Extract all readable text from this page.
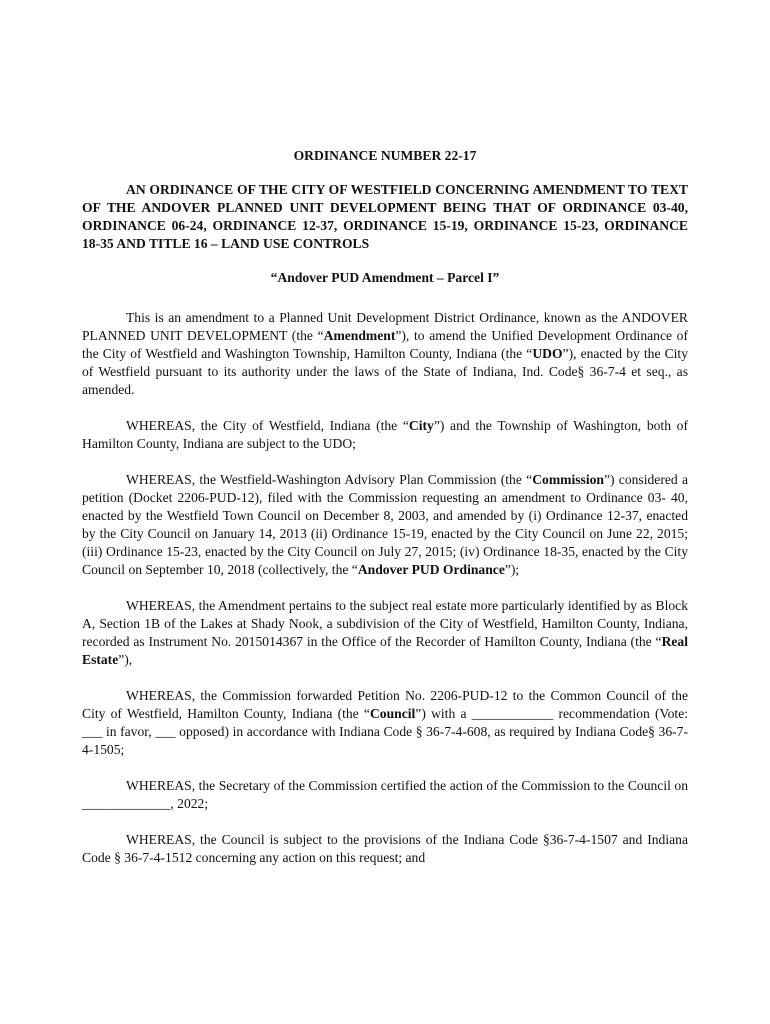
ORDINANCE NUMBER 22-17

AN ORDINANCE OF THE CITY OF WESTFIELD CONCERNING AMENDMENT TO TEXT OF THE ANDOVER PLANNED UNIT DEVELOPMENT BEING THAT OF ORDINANCE 03-40, ORDINANCE 06-24, ORDINANCE 12-37, ORDINANCE 15-19, ORDINANCE 15-23, ORDINANCE 18-35 AND TITLE 16 – LAND USE CONTROLS

“Andover PUD Amendment – Parcel I”

This is an amendment to a Planned Unit Development District Ordinance, known as the ANDOVER PLANNED UNIT DEVELOPMENT (the “Amendment”), to amend the Unified Development Ordinance of the City of Westfield and Washington Township, Hamilton County, Indiana (the “UDO”), enacted by the City of Westfield pursuant to its authority under the laws of the State of Indiana, Ind. Code§ 36-7-4 et seq., as amended.

WHEREAS, the City of Westfield, Indiana (the “City”) and the Township of Washington, both of Hamilton County, Indiana are subject to the UDO;

WHEREAS, the Westfield-Washington Advisory Plan Commission (the “Commission”) considered a petition (Docket 2206-PUD-12), filed with the Commission requesting an amendment to Ordinance 03- 40, enacted by the Westfield Town Council on December 8, 2003, and amended by (i) Ordinance 12-37, enacted by the City Council on January 14, 2013 (ii) Ordinance 15-19, enacted by the City Council on June 22, 2015; (iii) Ordinance 15-23, enacted by the City Council on July 27, 2015; (iv) Ordinance 18-35, enacted by the City Council on September 10, 2018 (collectively, the “Andover PUD Ordinance”);

WHEREAS, the Amendment pertains to the subject real estate more particularly identified by as Block A, Section 1B of the Lakes at Shady Nook, a subdivision of the City of Westfield, Hamilton County, Indiana, recorded as Instrument No. 2015014367 in the Office of the Recorder of Hamilton County, Indiana (the “Real Estate”),

WHEREAS, the Commission forwarded Petition No. 2206-PUD-12 to the Common Council of the City of Westfield, Hamilton County, Indiana (the “Council”) with a ____________ recommendation (Vote: ___ in favor, ___ opposed) in accordance with Indiana Code § 36-7-4-608, as required by Indiana Code§ 36-7-4-1505;

WHEREAS, the Secretary of the Commission certified the action of the Commission to the Council on _____________, 2022;

WHEREAS, the Council is subject to the provisions of the Indiana Code §36-7-4-1507 and Indiana Code § 36-7-4-1512 concerning any action on this request; and
